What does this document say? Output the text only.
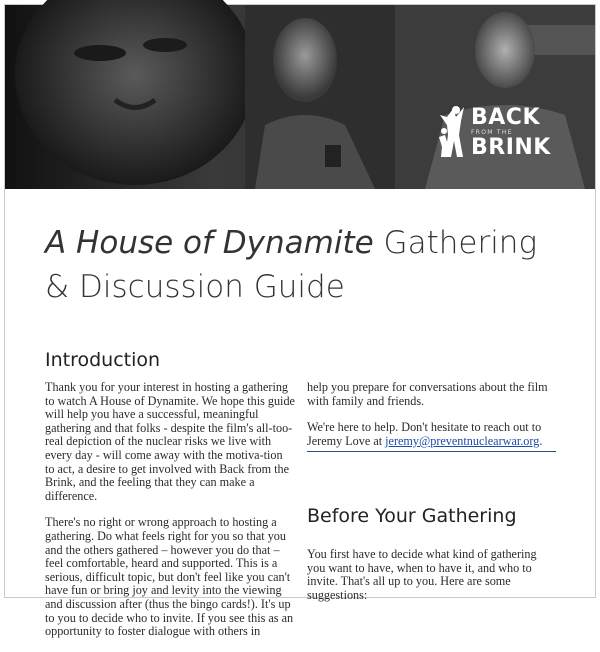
BACK
FROM THE
BRINK
A House of Dynamite Gathering
& Discussion Guide
Introduction

Thank you for your interest in hosting a gathering to watch A House of Dynamite. We hope this guide will help you have a successful, meaningful gathering and that folks - despite the film's all-too-real depiction of the nuclear risks we live with every day - will come away with the motiva-tion to act, a desire to get involved with Back from the Brink, and the feeling that they can make a difference.

There's no right or wrong approach to hosting a gathering. Do what feels right for you so that you and the others gathered – however you do that – feel comfortable, heard and supported. This is a serious, difficult topic, but don't feel like you can't have fun or bring joy and levity into the viewing and discussion after (thus the bingo cards!). It's up to you to decide who to invite. If you see this as an opportunity to foster dialogue with others in

help you prepare for conversations about the film with family and friends.

We're here to help. Don't hesitate to reach out to Jeremy Love at jeremy@preventnuclearwar.org.

Before Your Gathering

You first have to decide what kind of gathering you want to have, when to have it, and who to invite. That's all up to you. Here are some suggestions:
